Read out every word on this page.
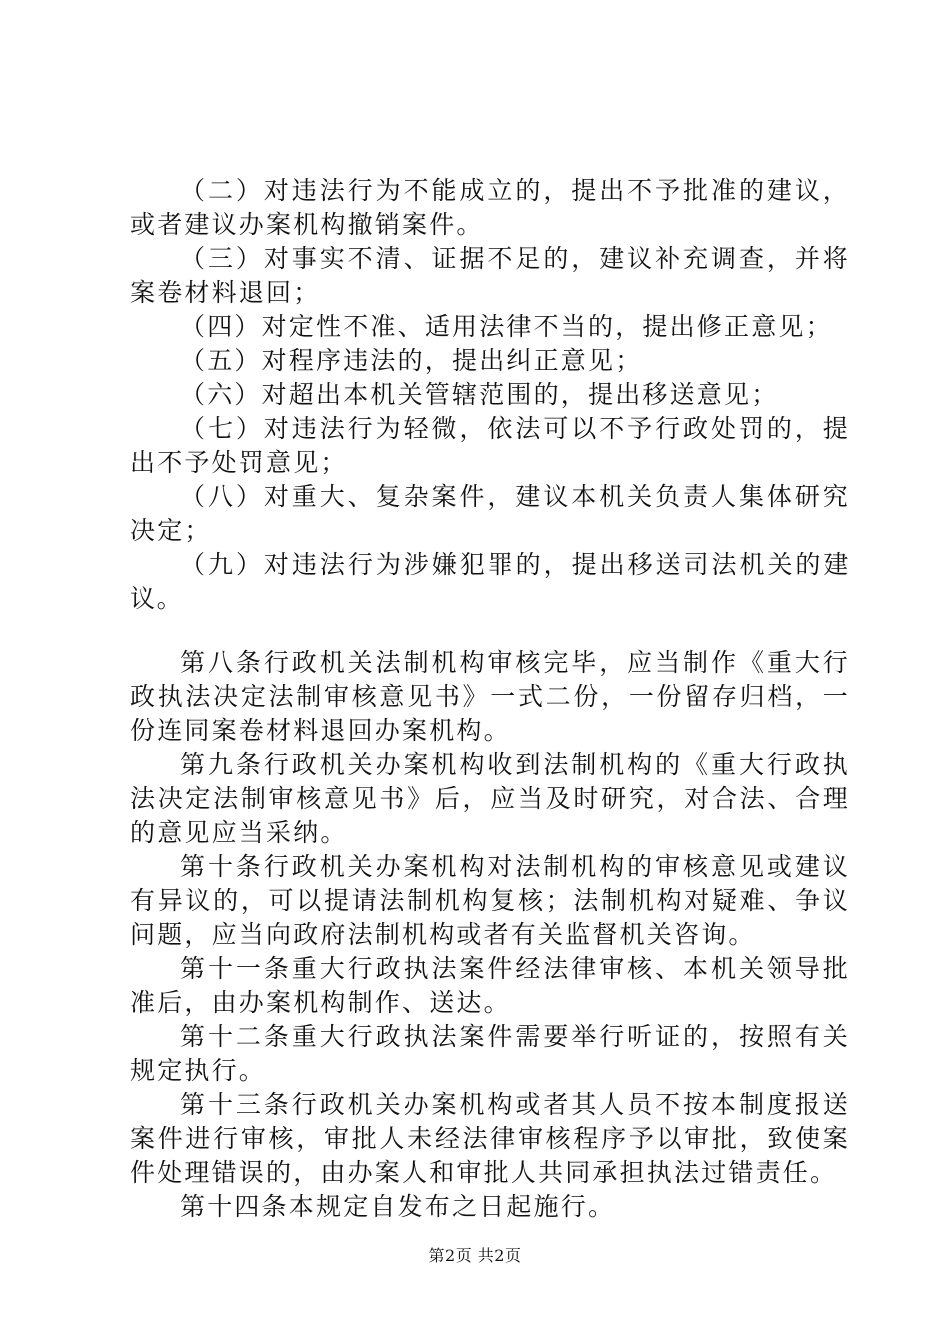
（二）对违法行为不能成立的，提出不予批准的建议，或者建议办案机构撤销案件。

（三）对事实不清、证据不足的，建议补充调查，并将案卷材料退回；

（四）对定性不准、适用法律不当的，提出修正意见；

（五）对程序违法的，提出纠正意见；

（六）对超出本机关管辖范围的，提出移送意见；

（七）对违法行为轻微，依法可以不予行政处罚的，提出不予处罚意见；

（八）对重大、复杂案件，建议本机关负责人集体研究决定；

（九）对违法行为涉嫌犯罪的，提出移送司法机关的建议。

第八条行政机关法制机构审核完毕，应当制作《重大行政执法决定法制审核意见书》一式二份，一份留存归档，一份连同案卷材料退回办案机构。

第九条行政机关办案机构收到法制机构的《重大行政执法决定法制审核意见书》后，应当及时研究，对合法、合理的意见应当采纳。

第十条行政机关办案机构对法制机构的审核意见或建议有异议的，可以提请法制机构复核；法制机构对疑难、争议问题，应当向政府法制机构或者有关监督机关咨询。

第十一条重大行政执法案件经法律审核、本机关领导批准后，由办案机构制作、送达。

第十二条重大行政执法案件需要举行听证的，按照有关规定执行。

第十三条行政机关办案机构或者其人员不按本制度报送案件进行审核，审批人未经法律审核程序予以审批，致使案件处理错误的，由办案人和审批人共同承担执法过错责任。

第十四条本规定自发布之日起施行。

第2页 共2页
